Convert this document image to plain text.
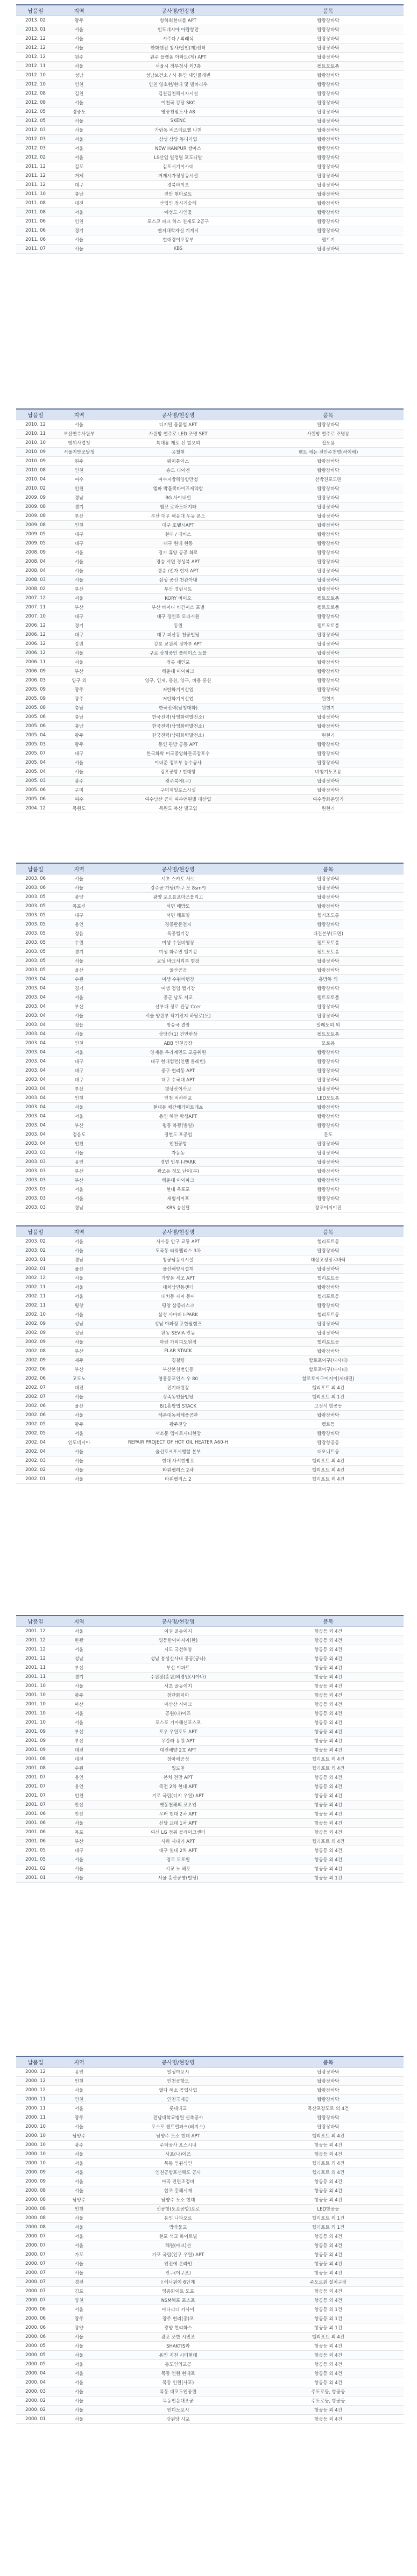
납품일	지역	공사명/현장명	품목
2013. 02	광주	향하회현대를 APT	탑광장바닥
2013. 01	서울	인도네시아 아랍항만	탑광장바닥
2012. 12	서울	서주다 / 외래식	탑광장바닥
2012. 12	서울	한화엔진 창사/일인(재)센터	탑광장바닥
2012. 12	원주	원주 플랫폼 아파트(제) APT	탑광장바닥
2012. 11	서울	서울시 정부청사 외7층	펠트모토폼
2012. 10	성남	성남보건소 / 사 동인 세인클레빈	탑광장바닥
2012. 10	인천	인천 영호현/현대 및 빌바리우	탑광장바닥
2012. 08	김천	김천김천해시자시설	탑광장바닥
2012. 08	서울	이천국 강당 SKC	탑광장바닥
2012. 05	경중도	영중천범도사 A8	탑광장바닥
2012. 05	서울	SKENC	탑광장바닥
2012. 03	서울	가람동 비즈페르헬 나천	탑광장바닥
2012. 03	서울	삼성 삼당 동니기업	탑광장바닥
2012. 03	서울	NEW HANPUR 쌍마스	탑광장바닥
2012. 02	서울	LS산업 일정별 포도니발	탑광장바닥
2011. 12	김포	김포시기이사대	탑광장바닥
2011. 12	거제	거제시가정상동시설	탑광장바닥
2011. 12	대구	경북바이오	탑광장바닥
2011. 10	충남	진안 현마로트	탑광장바닥
2011. 08	대전	산업인 정시기술해	탑광장바닥
2011. 08	서울	예성도 사인물	탑광장바닥
2011. 06	인천	포스코 파크 하스 천세도 2공구	탑광장바닥
2011. 06	경기	엔지대학자실 기계시	탑광장바닥
2011. 06	서울	현대경이포장부	펠트기
2011. 07	서울	KBS	탑광장바닥
납품일	지역	공사명/현장명	품목
2010. 12	서울	디지털 물품힐 APT	탑광장바닥
2010. 11	부산연수사원부	사원방 열주로 LED 조명 SET	사원방 열주로 조명용
2010. 10	방위사업청	특대용 제포 신 힐오피	접도용
2010. 09	서울지방조달청	응철현	펜트 에는 전안주천명(하이베)
2010. 09	원주	웨이통아스	탑광장바닥
2010. 08	인천	송도 티이엔	탑광장바닥
2010. 04	여수	여수지방해양항만청	선박진포도면
2010. 02	인천	엠파 박물쪽바이즈제약합	탑광장바닥
2009. 09	경남	BG 사이내빈	탑광장바닥
2009. 08	경기	엠코 로바도대지타	탑광장바닥
2009. 08	부산	부산 대우 해운대 우동 푼도	탑광장바닥
2009. 08	인천	대구 호텔시APT	탑광장바닥
2009. 05	대구	현대 / 대비스	탑광장바닥
2009. 05	대구	대구 원대 현동	탑광장바닥
2008. 09	서울	경기 휴양 공공 화로	탑광장바닥
2008. 04	서울	경승 서면 경성북 APT	탑광장바닥
2008. 04	서울	경승 /전자 현재 APT	탑광장바닥
2008. 03	서울	삼성 공선 천관아내	탑광장바닥
2008. 02	부산	부산 경림시트	탑광장바닥
2007. 12	서울	KORY 바이오	펠트모토폼
2007. 11	부산	부산 바이다 비긴이스 포벌	펠트모토폼
2007. 10	대구	대구 경인로 모라시원	탑광장바닥
2006. 12	경기	동원	펠트모토폼
2006. 12	대구	대구 피산동 천공빌딩	탑광장바닥
2006. 12	강원	강릉 교원의 정마루 APT	탑광장바닥
2006. 12	서울	구로 삼청중인 플레이스 노블	탑광장바닥
2006. 11	서울	정릉 세인포	탑광장바닥
2006. 09	부산	해운대 아이파크	탑광장바닥
2006. 03	양구 외	양구, 인제, 홍천, 양구, 비용 홍천	탑광장바닥
2005. 09	광주	저탄화기이산업	탑광장바닥
2005. 09	광주	저탄화기이산업	원현기
2005. 08	충남	한국전력(남청대화)	원현기
2005. 06	충남	한국전력(남영화력발전소)	탑광장바닥
2005. 06	충남	한국전력(남영화력발전소)	탑광장바닥
2005. 04	광주	한국전력(남평화력발전소)	원현기
2005. 03	광주	동인 관방 공동 APT	탑광장바닥
2005. 07	대구	한국화학 미국중앙화관곡장포수	탑광장바닥
2005. 04	서울	이녀준 정보부 농수공사	탑광장바닥
2005. 04	서울	김포공항 / 현대항	비행기도포용
2005. 03	광주	광주북에(구)	탑광장바닥
2005. 06	구미	구미제일포스시설	탑광장바닥
2005. 06	여수	여수남산 공사 여수앤원빌 대산업	여수방화운영기
2004. 12	목원도	목원도 복산 별고업	원현기
납품일	지역	공사명/현장명	품목
2003. 06	서울	서초 스카토 사보	탑광장바닥
2003. 06	서울	강주공 가남(아구 모 8sm*)	탑광장바닥
2003. 05	광양	광양 포오를포마즈블리고	탑광장바닥
2003. 05	목포신	서면 해방도	탑광장바닥
2003. 05	대구	서면 해포일	헬기조도통
2003. 05	용인	경종판돈전지	탑광장바닥
2003. 05	정읍	특공헬기강	대진본부(도면)
2003. 05	수원	미생 수원비행장	펠트모토폼
2003. 05	경기	미생 화주민 헬기강	펠트모토폼
2003. 05	서울	교성 바교서리부 현장	탑광장바닥
2003. 05	울산	울산공공	탑광장바닥
2003. 04	수원	미생 수원비행장	흥방동 외
2003. 04	경기	미생 정업 헬기강	탑광장바닥
2003. 04	서울	공군 남도 서교	펠트모토폼
2003. 04	부산	산부대 정로 관광 Ccer	탑광장바닥
2003. 04	서울	서울 양원부 탁기전지 하당로(도)	탑광장바닥
2003. 04	정읍	방송국 결말	알레도피 외
2003. 04	서울	삼당간(1) 건안반상	펠트모토폼
2003. 04	인천	ABB 인천공장	모토용
2003. 04	서울	양재동 우라계면도 교통워원	탑광장바닥
2003. 04	대구	대구 현대컴런(인텔 클레빈)	탑광장바닥
2003. 04	대구	중구 현리동 APT	탑광장바닥
2003. 04	대구	대구 수국대 APT	탑광장바닥
2003. 04	부산	평상산이사보	탑광장바닥
2003. 04	인천	인천 비하래포	LED모토폼
2003. 04	서울	현대동 체간해가미트래쇼	탑광장바닥
2003. 04	서울	용인 해안 학생APT	탑광장바닥
2003. 04	부산	평동 복광(별일)	탑광장바닥
2003. 04	정읍도	경현도 포공업	문도
2003. 04	인천	인천공항	탑광장바닥
2003. 03	서울	자동동	탑광장바닥
2003. 03	용인	경연 인투 I-PARK	탑광장바닥
2003. 03	부산	광조동 청도 난이(부)	탑광장바닥
2003. 03	부산	해운대 아이파크	탑광장바닥
2003. 03	서울	현대 옥포포	탑광장바닥
2003. 03	서울	세병서이포	탑광장바닥
2003. 03	경남	KBS 송신탑	장조이지이진
납품일	지역	공사명/현장명	품목
2003. 02	서울	사사동 안구 교통 APT	헬리포트등
2003. 02	서울	도곡동 타워팰리스 3차	탑광장바닥
2003. 01	경남	창공남동시시설	대상고정장치바닥
2002. 01	울산	울산해양시설계	탑광장바닥
2002. 12	서울	가양동 세조 APT	헬리포트등
2002. 11	서울	대치남연동센터	탑광장바닥
2002. 11	서울	대치동 자이 동아	헬리포트등
2002. 11	평창	평창 삼종러스크	탑광장바닥
2002. 10	서울	삼성 사마비 I-PARK	헬리포트등
2002. 09	성남	성남 아파정 포한월렌즈	탑광장바닥
2002. 09	성남	판동 SEVIA 인동	탑광장바닥
2002. 09	서울	마랑 가피피도원정	헬리포트등
2002. 08	부산	FLAR STACK	탑광장바닥
2002. 09	제주	경철량	할로포이구(다시티)
2002. 06	부산	부산본천번인동	할로포이구(다시티)
2002. 06	고도노	영흥동포인스 우 80	할로토이구이지이(제대편)
2002. 07	대전	전기바원장	헬리포트 외 4건
2002. 07	서울	정족동인물법당	헬리포트 외 1건
2002. 06	울산	8/1흥방법 STACK	고정식 항공등
2002. 06	서울	해운대농체해중공관	탑광장바닥
2002. 05	광주	광주전당	펠트등
2002. 05	서울	서소문 엠아트시티현장	탑광장바닥
2002. 04	인도네시아	REPAIR PROJECT OF HOT OIL HEATER A60-H	탑장항공등
2002. 04	서울	올선포크포시행할 본부	대모니트등
2002. 03	서울	현대 사서현방포	헬리포트 외 4건
2002. 02	서울	타워팰리스 2차	헬리포트 외 4건
2002. 01	서울	타워팰리스 2	헬리포트 외 4건
납품일	지역	공사명/현장명	품목
2001. 12	서울	여권 골동이지	항공등 외 4건
2001. 12	한광	영등한이미지이(한)	항공등 외 4건
2001. 12	서울	시도 국선해양	항공등 외 4건
2001. 12	성남	성남 봉성산사내 공공(공나)	항공등 외 4건
2001. 11	부산	부산 이파트	항공등 외 4건
2001. 11	경기	수원장(홍원)의경인(시아나)	항공등 외 4건
2001. 10	서울	서초 골동이지	항공등 외 4건
2001. 10	광주	첨단화이아	항공등 외 4건
2001. 10	마산	마산산 시이크	항공등 외 4건
2001. 10	서울	공원(나)이즈	항공등 외 4건
2001. 10	서울	포스포 기마해선포스포	항공등 외 4건
2001. 09	부산	포우 우원포도 APT	항공등 외 4건
2001. 09	부산	우칼라 용원 APT	항공등 외 4건
2001. 09	대전	대전해양 2호 APT	항공등 외 4건
2001. 08	대전	창마해공성	헬리포트 외 4건
2001. 08	수원	월드천	헬리포트 외 4건
2001. 07	용인	본처 전망 APT	항공등 외 4건
2001. 07	용인	죽전 2차 현대 APT	항공등 외 4건
2001. 07	인천	기로 국립(디지 우원) APT	항공등 외 4건
2001. 07	안산	옛동천해의 코오인	항공등 외 4건
2001. 06	안산	우러 현대 2차 APT	항공등 외 4건
2001. 06	서울	신당 교대 1차 APT	항공등 외 4건
2001. 06	목포	여신 LG 정위 블레이크센터	항공등 외 4건
2001. 06	부산	사하 사내기 APT	헬리포트 외 4건
2001. 05	대구	대구 일대 2차 APT	항공등 외 4건
2001. 05	서울	경로 도포빌	항공등 외 4건
2001. 02	서울	서교 노 해포	항공등 외 4건
2001. 01	서울	서울 홍산공영(빌딩)	항공등 외 1건
납품일	지역	공사명/현장명	품목
2000. 12	용인	일성마포시	탑광장바닥
2000. 12	인천	인천공항도	탑광장바닥
2000. 12	서울	열다 해소 공업사업	탑광장바닥
2000. 11	인천	인천국제공	탑광장바닥
2000. 11	서울	롯데대교	목산포장도로 외 4건
2000. 11	광주	전남대학교병원 신축공사	탑광장바닥
2000. 10	서울	포스포 센트럴파크(레지스)	탑광장바닥
2000. 10	남양주	남양주 도소 현대 APT	헬리포트 외 4건
2000. 10	광주	주택공사 포스시내	항공등 외 4건
2000. 10	서울	사포(나)이즈	항공등 외 4건
2000. 10	서울	목동 인원식인	헬리포트 외 4건
2000. 09	서울	인천공항포선해도 공사	헬리포트 외 4건
2000. 09	서울	마곡 전면조정비	항공등 외 4건
2000. 08	서울	합조 홍해시재	항공등 외 4건
2000. 08	남양주	남양주 도소 현대	항공등 외 4건
2000. 08	인천	신공항(도포공항)포로	LED항공등
2000. 08	서울	용인 나파오르	헬리포트 외 1건
2000. 08	서울	방과물교	헬리포트 외 1건
2000. 07	서울	현포 석교 화이트빌	항공등 외 4건
2000. 07	서울	해원(마크)선	항공등 외 4건
2000. 07	가포	가포 국립(인구 우원) APT	항공등 외 4건
2000. 07	서울	인전에 온라인	항공등 외 4건
2000. 07	서울	인구(이구포)	항공등 외 4건
2000. 07	경전	I 에너원이 6단계	주도로원 설치구장
2000. 07	김포	영종화이트 도포	항공등 외 4건
2000. 07	양천	NSM해포 포스포	항공등 외 4건
2000. 06	서울	마다리더 카사이	항공등 외 1건
2000. 06	광주	광주 현리(종)포	항공등 외 1건
2000. 06	광양	광양 현리화스	항공등 외 1건
2000. 06	서울	광포 조한 시민포	헬리포트 외 4건
2000. 05	서울	SHAKTIS라	항공등 외 4건
2000. 05	서울	용인 지천 시티현대	항공등 외 4건
2000. 05	서울	동도인의교공	항공등 외 4건
2000. 04	서울	목동 인원 현대포	항공등 외 4건
2000. 04	서울	목동 인원(사포)	항공등 외 4건
2000. 03	서울	목동 대포도인공원	주도로등, 항공등
2000. 02	서울	목동인문대포공	주도로등, 항공등
2000. 02	서울	인디노포시	항공등 외 4건
2000. 01	서울	강원당 사포	항공등 외 4건
